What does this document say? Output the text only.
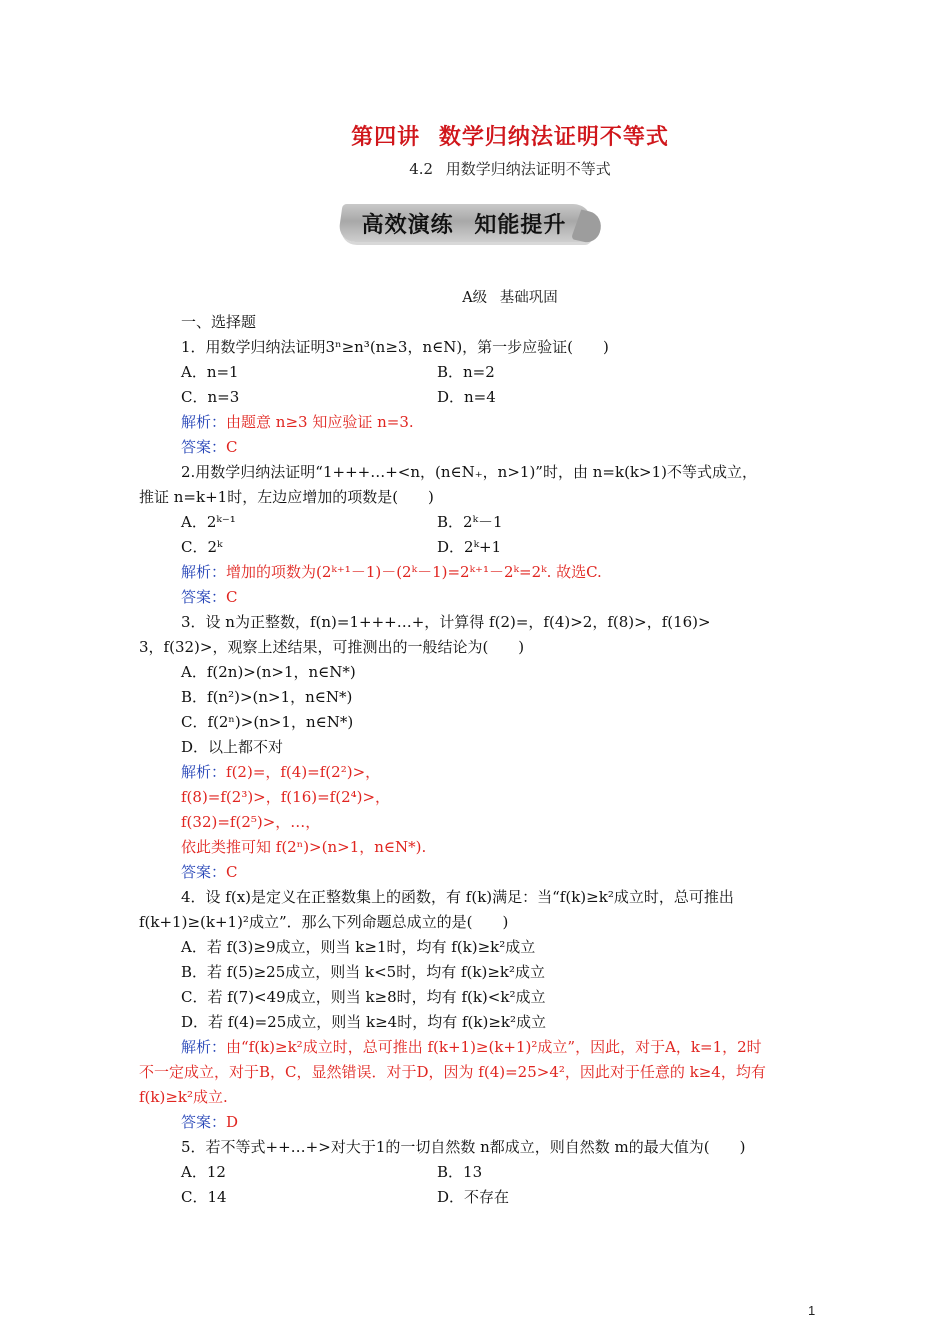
第四讲 数学归纳法证明不等式
4.2 用数学归纳法证明不等式
高效演练 知能提升
A级 基础巩固
一、选择题
1．用数学归纳法证明3ⁿ≥n³(n≥3，n∈N)，第一步应验证(　　)
A．n=1	B．n=2
C．n=3	D．n=4
解析：由题意 n≥3 知应验证 n=3.
答案：C
2.用数学归纳法证明“1+++…+<n，(n∈N₊，n>1)”时，由 n=k(k>1)不等式成立，
推证 n=k+1时，左边应增加的项数是(　　)
A．2ᵏ⁻¹	B．2ᵏ－1
C．2ᵏ	D．2ᵏ+1
解析：增加的项数为(2ᵏ⁺¹－1)－(2ᵏ－1)=2ᵏ⁺¹－2ᵏ=2ᵏ. 故选C.
答案：C
3．设 n为正整数，f(n)=1+++…+，计算得 f(2)=，f(4)>2，f(8)>，f(16)>
3，f(32)>，观察上述结果，可推测出的一般结论为(　　)
A．f(2n)>(n>1，n∈N*)
B．f(n²)>(n>1，n∈N*)
C．f(2ⁿ)>(n>1，n∈N*)
D．以上都不对
解析：f(2)=，f(4)=f(2²)>，
f(8)=f(2³)>，f(16)=f(2⁴)>，
f(32)=f(2⁵)>，…，
依此类推可知 f(2ⁿ)>(n>1，n∈N*).
答案：C
4．设 f(x)是定义在正整数集上的函数，有 f(k)满足：当“f(k)≥k²成立时，总可推出
f(k+1)≥(k+1)²成立”．那么下列命题总成立的是(　　)
A．若 f(3)≥9成立，则当 k≥1时，均有 f(k)≥k²成立
B．若 f(5)≥25成立，则当 k<5时，均有 f(k)≥k²成立
C．若 f(7)<49成立，则当 k≥8时，均有 f(k)<k²成立
D．若 f(4)=25成立，则当 k≥4时，均有 f(k)≥k²成立
解析：由“f(k)≥k²成立时，总可推出 f(k+1)≥(k+1)²成立”，因此，对于A，k=1，2时
不一定成立，对于B，C，显然错误．对于D，因为 f(4)=25>4²，因此对于任意的 k≥4，均有
f(k)≥k²成立.
答案：D
5．若不等式++…+>对大于1的一切自然数 n都成立，则自然数 m的最大值为(　　)
A．12	B．13
C．14	D．不存在
1
